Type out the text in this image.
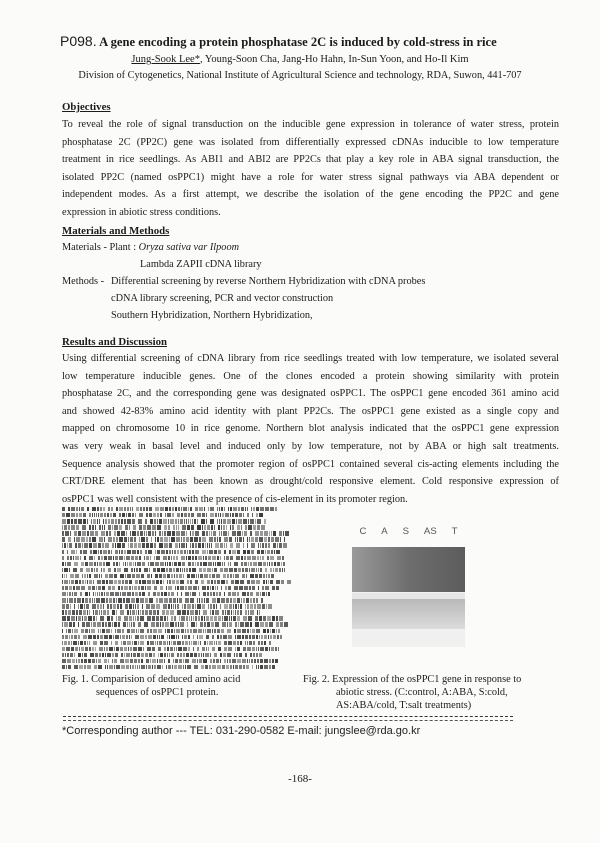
P098. A gene encoding a protein phosphatase 2C is induced by cold-stress in rice
Jung-Sook Lee*, Young-Soon Cha, Jang-Ho Hahn, In-Sun Yoon, and Ho-Il Kim
Division of Cytogenetics, National Institute of Agricultural Science and technology, RDA, Suwon, 441-707
Objectives
To reveal the role of signal transduction on the inducible gene expression in tolerance of water stress, protein
phosphatase 2C (PP2C) gene was isolated from differentially expressed cDNAs inducible to low temperature
treatment in rice seedlings. As ABI1 and ABI2 are PP2Cs that play a key role in ABA signal transduction, the
isolated PP2C (named osPPC1) might have a role for water stress signal pathways via ABA dependent or
independent modes. As a first attempt, we describe the isolation of the gene encoding the PP2C and gene
expression in abiotic stress conditions.
Materials and Methods
Materials - Plant : Oryza sativa var Ilpoom
Lambda ZAPII cDNA library
Methods - Differential screening by reverse Northern Hybridization with cDNA probes
cDNA library screening, PCR and vector construction
Southern Hybridization, Northern Hybridization,
Results and Discussion
Using differential screening of cDNA library from rice seedlings treated with low temperature, we isolated several
low temperature inducible genes. One of the clones encoded a protein showing similarity with protein
phosphatase 2C, and the corresponding gene was designated osPPC1. The osPPC1 gene encoded 361 amino acid
and showed 42-83% amino acid identity with plant PP2Cs. The osPPC1 gene existed as a single copy and
mapped on chromosome 10 in rice genome. Northern blot analysis indicated that the osPPC1 gene expression
was very weak in basal level and induced only by low temperature, not by ABA or high salt treatments.
Sequence analysis showed that the promoter region of osPPC1 contained several cis-acting elements including the
CRT/DRE element that has been known as drought/cold responsive element. Cold responsive expression of
osPPC1 was well consistent with the presence of cis-element in its promoter region.
C A S AS T
Fig. 1. Comparision of deduced amino acid
sequences of osPPC1 protein.
Fig. 2. Expression of the osPPC1 gene in response to
abiotic stress. (C:control, A:ABA, S:cold,
AS:ABA/cold, T:salt treatments)
*Corresponding author --- TEL: 031-290-0582 E-mail: jungslee@rda.go.kr
-168-
